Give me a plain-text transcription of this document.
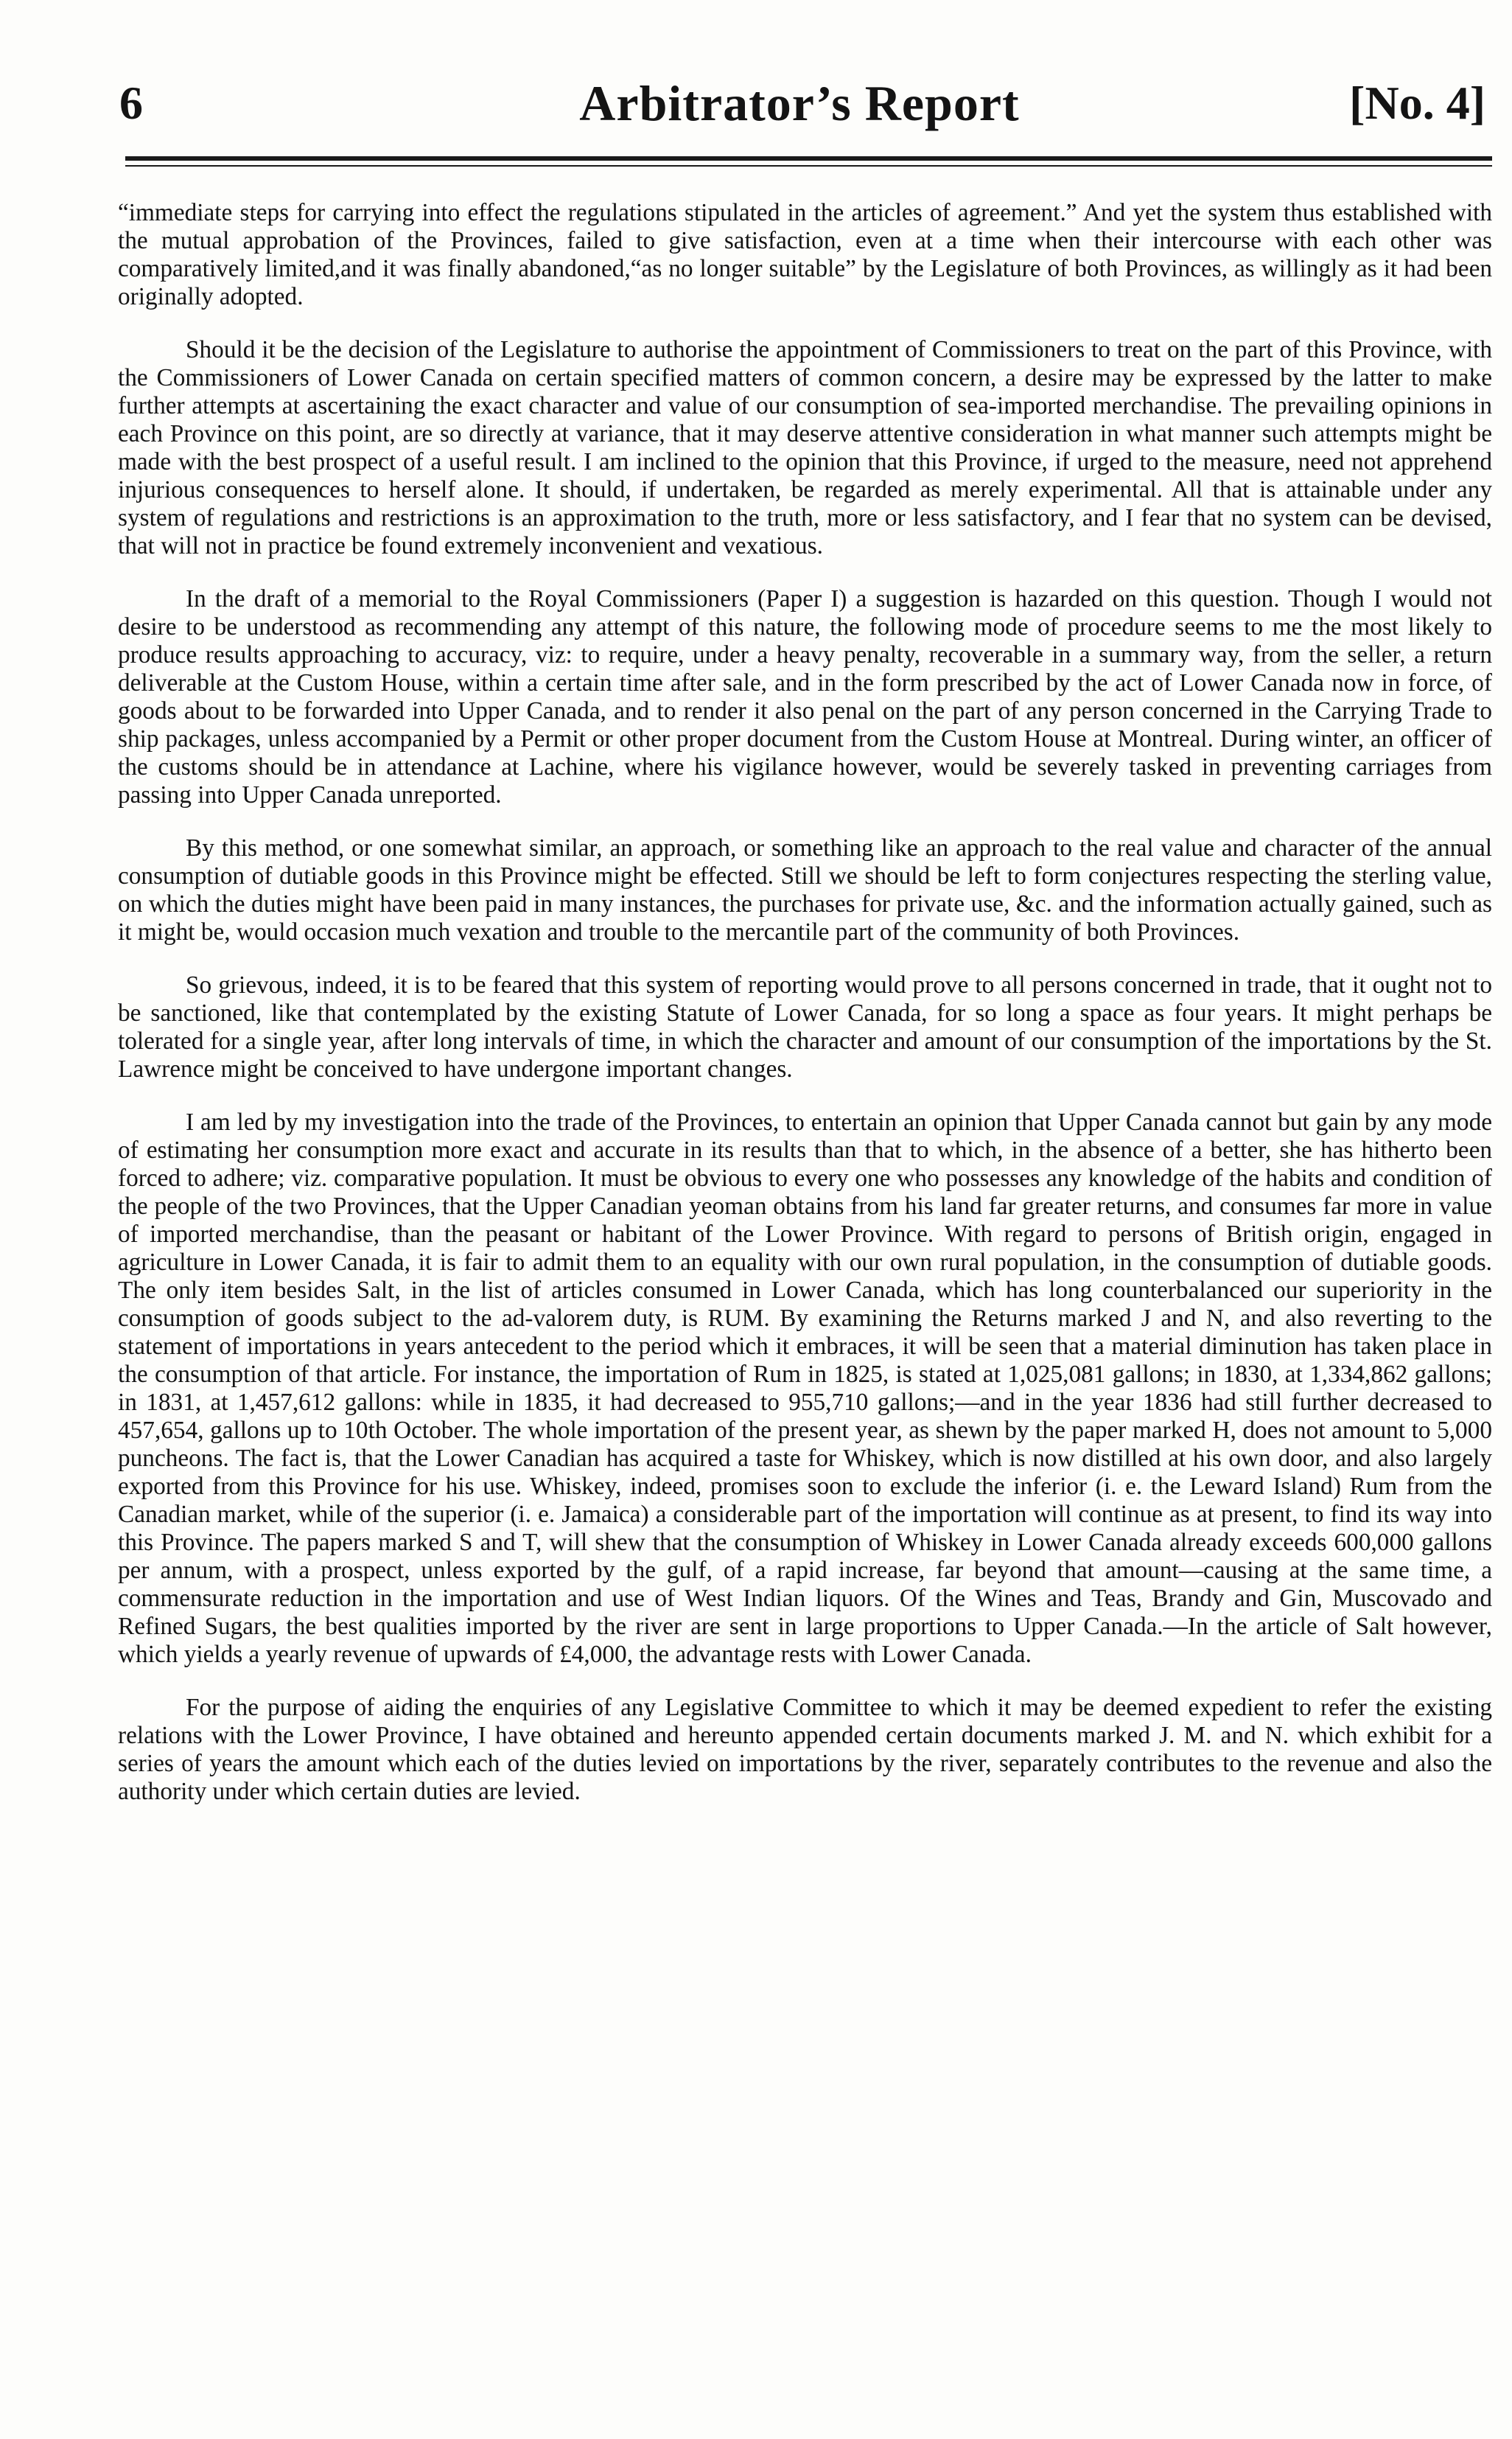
6	Arbitrator’s Report	[No. 4]

“immediate steps for carrying into effect the regulations stipulated in the articles of agreement.” And yet the system thus established with the mutual approbation of the Provinces, failed to give satisfaction, even at a time when their intercourse with each other was comparatively limited,and it was finally abandoned,“as no longer suitable” by the Legislature of both Provinces, as willingly as it had been originally adopted.

Should it be the decision of the Legislature to authorise the appointment of Commissioners to treat on the part of this Province, with the Commissioners of Lower Canada on certain specified matters of common concern, a desire may be expressed by the latter to make further attempts at ascertaining the exact character and value of our consumption of sea-imported merchandise. The prevailing opinions in each Province on this point, are so directly at variance, that it may deserve attentive consideration in what manner such attempts might be made with the best prospect of a useful result. I am inclined to the opinion that this Province, if urged to the measure, need not apprehend injurious consequences to herself alone. It should, if undertaken, be regarded as merely experimental. All that is attainable under any system of regulations and restrictions is an approximation to the truth, more or less satisfactory, and I fear that no system can be devised, that will not in practice be found extremely inconvenient and vexatious.

In the draft of a memorial to the Royal Commissioners (Paper I) a suggestion is hazarded on this question. Though I would not desire to be understood as recommending any attempt of this nature, the following mode of procedure seems to me the most likely to produce results approaching to accuracy, viz: to require, under a heavy penalty, recoverable in a summary way, from the seller, a return deliverable at the Custom House, within a certain time after sale, and in the form prescribed by the act of Lower Canada now in force, of goods about to be forwarded into Upper Canada, and to render it also penal on the part of any person concerned in the Carrying Trade to ship packages, unless accompanied by a Permit or other proper document from the Custom House at Montreal. During winter, an officer of the customs should be in attendance at Lachine, where his vigilance however, would be severely tasked in preventing carriages from passing into Upper Canada unreported.

By this method, or one somewhat similar, an approach, or something like an approach to the real value and character of the annual consumption of dutiable goods in this Province might be effected. Still we should be left to form conjectures respecting the sterling value, on which the duties might have been paid in many instances, the purchases for private use, &c. and the information actually gained, such as it might be, would occasion much vexation and trouble to the mercantile part of the community of both Provinces.

So grievous, indeed, it is to be feared that this system of reporting would prove to all persons concerned in trade, that it ought not to be sanctioned, like that contemplated by the existing Statute of Lower Canada, for so long a space as four years. It might perhaps be tolerated for a single year, after long intervals of time, in which the character and amount of our consumption of the importations by the St. Lawrence might be conceived to have undergone important changes.

I am led by my investigation into the trade of the Provinces, to entertain an opinion that Upper Canada cannot but gain by any mode of estimating her consumption more exact and accurate in its results than that to which, in the absence of a better, she has hitherto been forced to adhere; viz. comparative population. It must be obvious to every one who possesses any knowledge of the habits and condition of the people of the two Provinces, that the Upper Canadian yeoman obtains from his land far greater returns, and consumes far more in value of imported merchandise, than the peasant or habitant of the Lower Province. With regard to persons of British origin, engaged in agriculture in Lower Canada, it is fair to admit them to an equality with our own rural population, in the consumption of dutiable goods. The only item besides Salt, in the list of articles consumed in Lower Canada, which has long counterbalanced our superiority in the consumption of goods subject to the ad-valorem duty, is RUM. By examining the Returns marked J and N, and also reverting to the statement of importations in years antecedent to the period which it embraces, it will be seen that a material diminution has taken place in the consumption of that article. For instance, the importation of Rum in 1825, is stated at 1,025,081 gallons; in 1830, at 1,334,862 gallons; in 1831, at 1,457,612 gallons: while in 1835, it had decreased to 955,710 gallons;—and in the year 1836 had still further decreased to 457,654, gallons up to 10th October. The whole importation of the present year, as shewn by the paper marked H, does not amount to 5,000 puncheons. The fact is, that the Lower Canadian has acquired a taste for Whiskey, which is now distilled at his own door, and also largely exported from this Province for his use. Whiskey, indeed, promises soon to exclude the inferior (i. e. the Leward Island) Rum from the Canadian market, while of the superior (i. e. Jamaica) a considerable part of the importation will continue as at present, to find its way into this Province. The papers marked S and T, will shew that the consumption of Whiskey in Lower Canada already exceeds 600,000 gallons per annum, with a prospect, unless exported by the gulf, of a rapid increase, far beyond that amount—causing at the same time, a commensurate reduction in the importation and use of West Indian liquors. Of the Wines and Teas, Brandy and Gin, Muscovado and Refined Sugars, the best qualities imported by the river are sent in large proportions to Upper Canada.—In the article of Salt however, which yields a yearly revenue of upwards of £4,000, the advantage rests with Lower Canada.

For the purpose of aiding the enquiries of any Legislative Committee to which it may be deemed expedient to refer the existing relations with the Lower Province, I have obtained and hereunto appended certain documents marked J. M. and N. which exhibit for a series of years the amount which each of the duties levied on importations by the river, separately contributes to the revenue and also the authority under which certain duties are levied.
